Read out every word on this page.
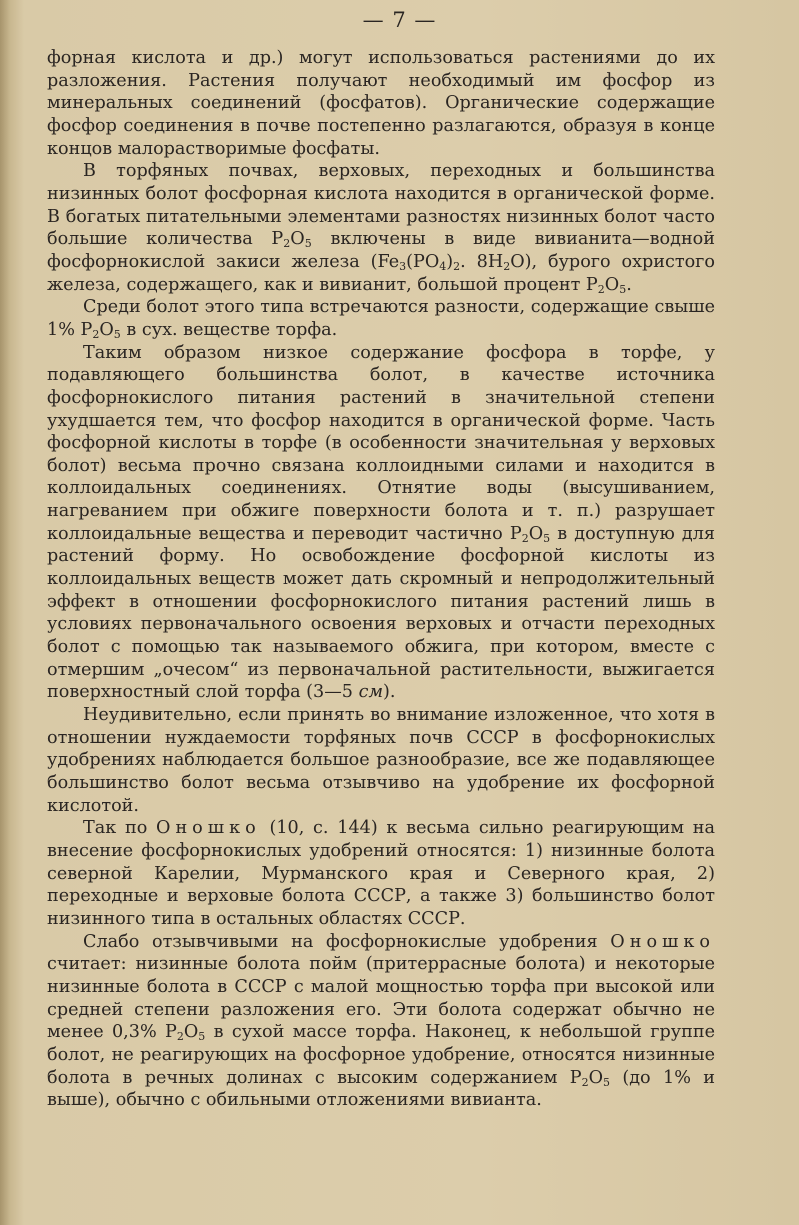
— 7 —

форная кислота и др.) могут использоваться растениями до их разложения. Растения получают необходимый им фосфор из минеральных соединений (фосфатов). Органические содержащие фосфор соединения в почве постепенно разлагаются, образуя в конце концов малорастворимые фосфаты.

В торфяных почвах, верховых, переходных и большинства низинных болот фосфорная кислота находится в органической форме. В богатых питательными элементами разностях низинных болот часто большие количества $P_2O_5$ включены в виде вивианита—водной фосфорнокислой закиси железа ($Fe_3(PO_4)_2$. $8H_2O$), бурого охристого железа, содержащего, как и вивианит, большой процент $P_2O_5$.

Среди болот этого типа встречаются разности, содержащие свыше 1% $P_2O_5$ в сух. веществе торфа.

Таким образом низкое содержание фосфора в торфе, у подавляющего большинства болот, в качестве источника фосфорнокислого питания растений в значительной степени ухудшается тем, что фосфор находится в органической форме. Часть фосфорной кислоты в торфе (в особенности значительная у верховых болот) весьма прочно связана коллоидными силами и находится в коллоидальных соединениях. Отнятие воды (высушиванием, нагреванием при обжиге поверхности болота и т. п.) разрушает коллоидальные вещества и переводит частично $P_2O_5$ в доступную для растений форму. Но освобождение фосфорной кислоты из коллоидальных веществ может дать скромный и непродолжительный эффект в отношении фосфорнокислого питания растений лишь в условиях первоначального освоения верховых и отчасти переходных болот с помощью так называемого обжига, при котором, вместе с отмершим „очесом“ из первоначальной растительности, выжигается поверхностный слой торфа (3—5 см).

Неудивительно, если принять во внимание изложенное, что хотя в отношении нуждаемости торфяных почв СССР в фосфорнокислых удобрениях наблюдается большое разнообразие, все же подавляющее большинство болот весьма отзывчиво на удобрение их фосфорной кислотой.

Так по Оношко (10, с. 144) к весьма сильно реагирующим на внесение фосфорнокислых удобрений относятся: 1) низинные болота северной Карелии, Мурманского края и Северного края, 2) переходные и верховые болота СССР, а также 3) большинство болот низинного типа в остальных областях СССР.

Слабо отзывчивыми на фосфорнокислые удобрения Оношко считает: низинные болота пойм (притеррасные болота) и некоторые низинные болота в СССР с малой мощностью торфа при высокой или средней степени разложения его. Эти болота содержат обычно не менее 0,3% $P_2O_5$ в сухой массе торфа. Наконец, к небольшой группе болот, не реагирующих на фосфорное удобрение, относятся низинные болота в речных долинах с высоким содержанием $P_2O_5$ (до 1% и выше), обычно с обильными отложениями вивианта.
